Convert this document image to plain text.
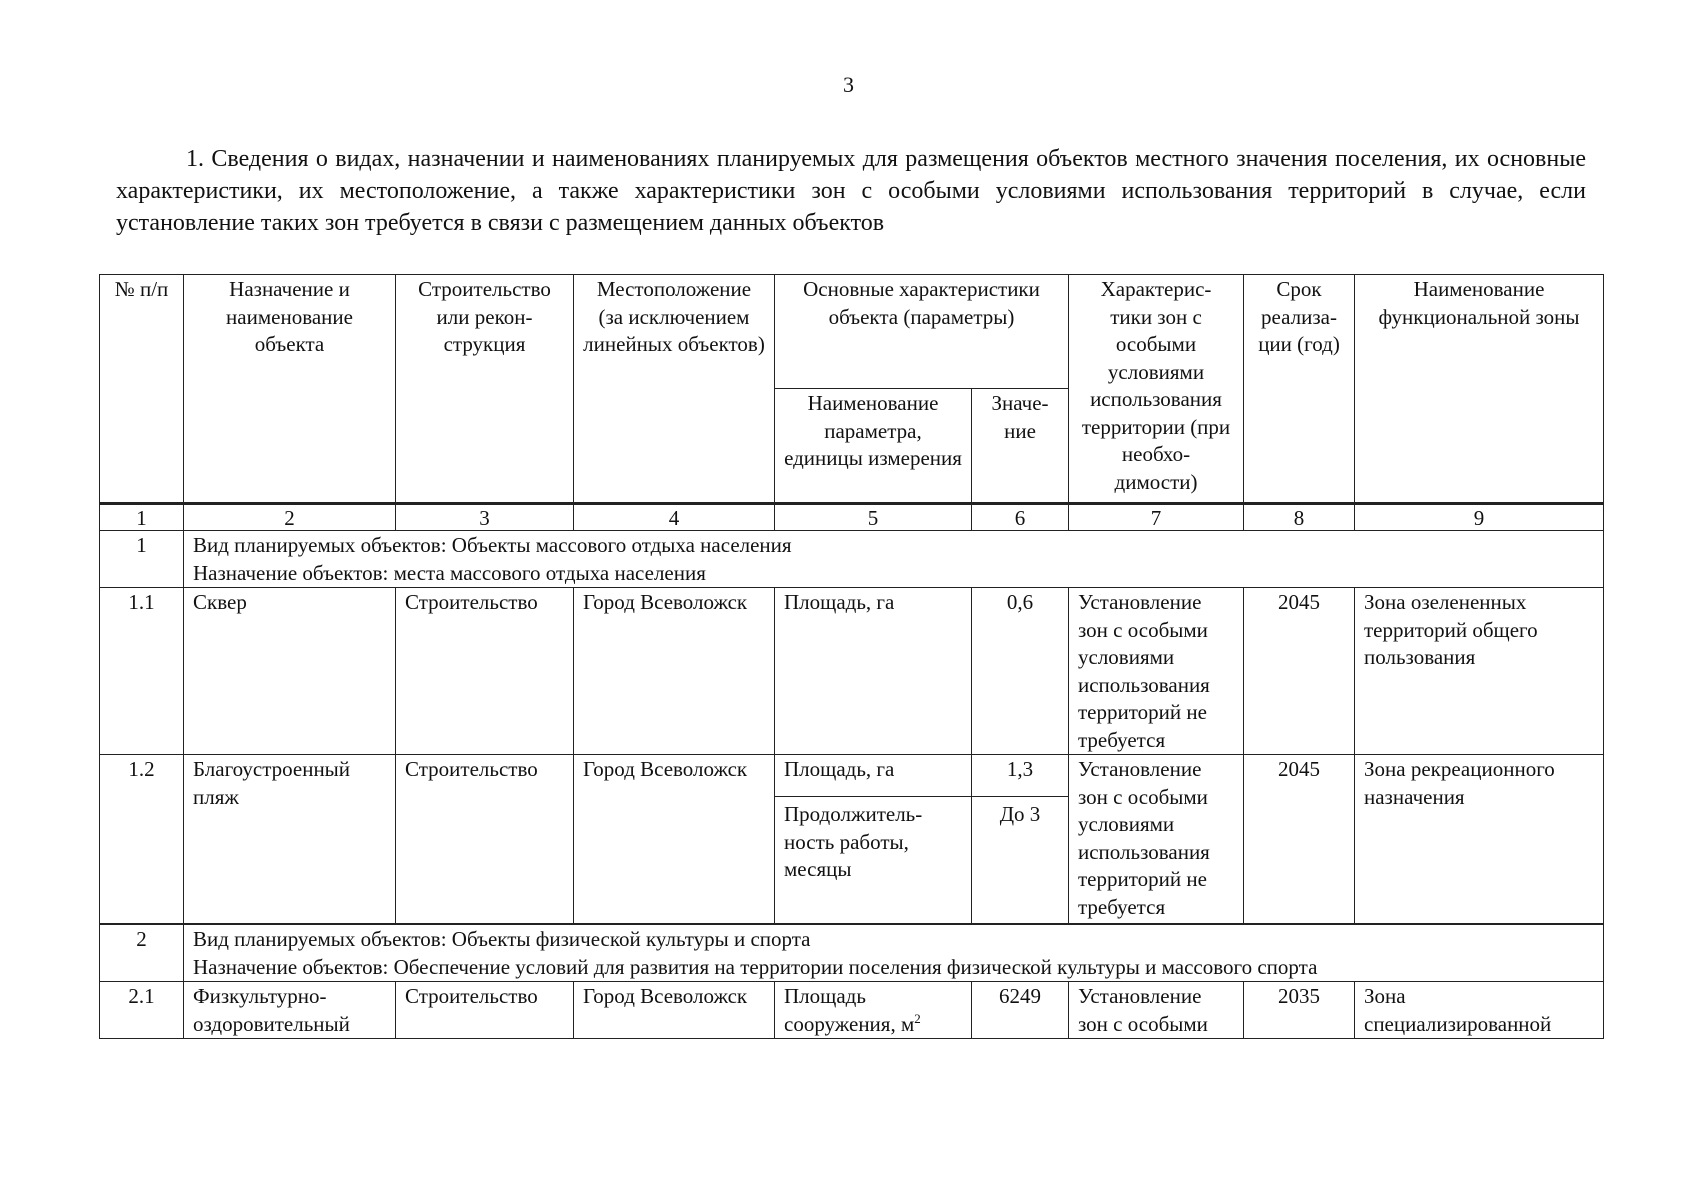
3

1. Сведения о видах, назначении и наименованиях планируемых для размещения объектов местного значения поселения, их основные характеристики, их местоположение, а также характеристики зон с особыми условиями использования территорий в случае, если установление таких зон требуется в связи с размещением данных объектов

№ п/п	Назначение и наименование объекта	Строительство или рекон- струкция	Местоположение (за исключением линейных объектов)	Основные характеристики объекта (параметры)		Характерис- тики зон с особыми условиями использования территории (при необхо- димости)	Срок реализа- ции (год)	Наименование функциональной зоны
				Наименование параметра, единицы измерения	Значе- ние			
1	2	3	4	5	6	7	8	9
1	Вид планируемых объектов: Объекты массового отдыха населения
Назначение объектов: места массового отдыха населения							

1.1	Сквер	Строительство	Город Всеволожск	Площадь, га	0,6	Установление зон с особыми условиями использования территорий не требуется	2045	Зона озелененных территорий общего пользования
1.2	Благоустроенный пляж	Строительство	Город Всеволожск	Площадь, га	1,3	Установление зон с особыми условиями использования территорий не требуется	2045	Зона рекреационного назначения
				Продолжитель- ность работы, месяцы	До 3			
2	Вид планируемых объектов: Объекты физической культуры и спорта
Назначение объектов: Обеспечение условий для развития на территории поселения физической культуры и массового спорта							

2.1	Физкультурно- оздоровительный	Строительство	Город Всеволожск	Площадь сооружения, $м^2$	6249	Установление зон с особыми	2035	Зона специализированной
